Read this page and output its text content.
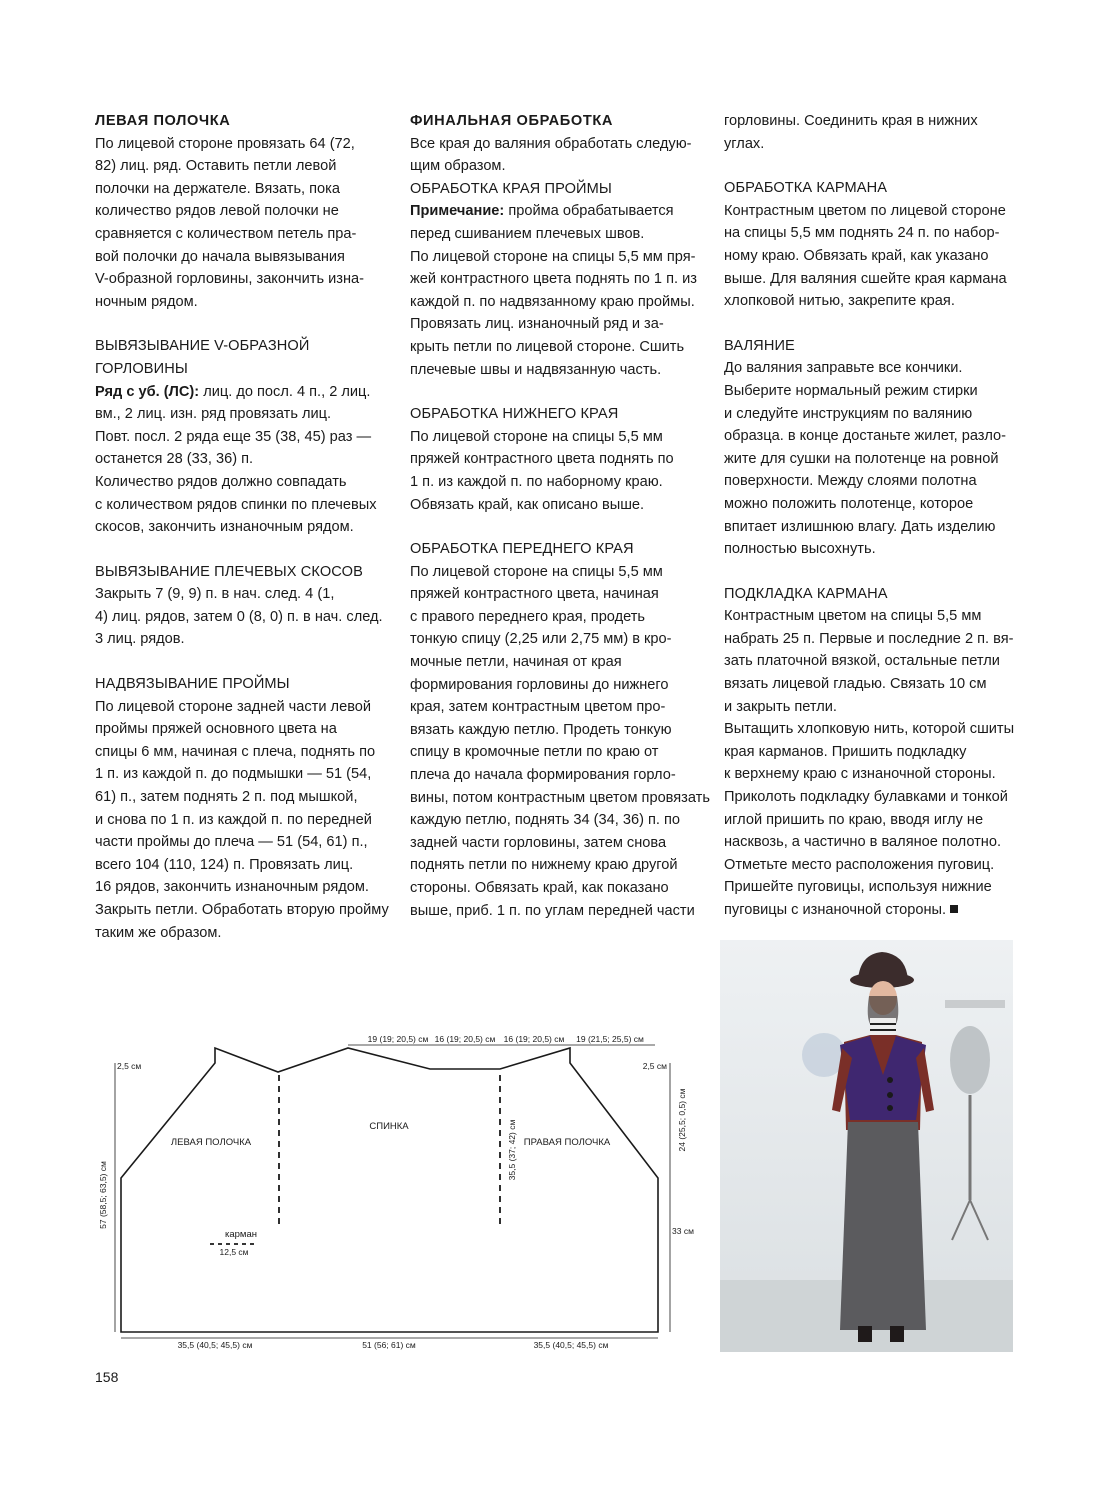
ЛЕВАЯ ПОЛОЧКА
По лицевой стороне провязать 64 (72,
82) лиц. ряд. Оставить петли левой
полочки на держателе. Вязать, пока
количество рядов левой полочки не
сравняется с количеством петель пра-
вой полочки до начала вывязывания
V-образной горловины, закончить изна-
ночным рядом.
ВЫВЯЗЫВАНИЕ V-ОБРАЗНОЙ ГОРЛОВИНЫ
Ряд с уб. (ЛС): лиц. до посл. 4 п., 2 лиц.
вм., 2 лиц. изн. ряд провязать лиц.
Повт. посл. 2 ряда еще 35 (38, 45) раз —
останется 28 (33, 36) п.
Количество рядов должно совпадать
с количеством рядов спинки по плечевых
скосов, закончить изнаночным рядом.
ВЫВЯЗЫВАНИЕ ПЛЕЧЕВЫХ СКОСОВ
Закрыть 7 (9, 9) п. в нач. след. 4 (1,
4) лиц. рядов, затем 0 (8, 0) п. в нач. след.
3 лиц. рядов.
НАДВЯЗЫВАНИЕ ПРОЙМЫ
По лицевой стороне задней части левой
проймы пряжей основного цвета на
спицы 6 мм, начиная с плеча, поднять по
1 п. из каждой п. до подмышки — 51 (54,
61) п., затем поднять 2 п. под мышкой,
и снова по 1 п. из каждой п. по передней
части проймы до плеча — 51 (54, 61) п.,
всего 104 (110, 124) п. Провязать лиц.
16 рядов, закончить изнаночным рядом.
Закрыть петли. Обработать вторую пройму
таким же образом.
ФИНАЛЬНАЯ ОБРАБОТКА
Все края до валяния обработать следую-
щим образом.
ОБРАБОТКА КРАЯ ПРОЙМЫ
Примечание: пройма обрабатывается
перед сшиванием плечевых швов.
По лицевой стороне на спицы 5,5 мм пря-
жей контрастного цвета поднять по 1 п. из
каждой п. по надвязанному краю проймы.
Провязать лиц. изнаночный ряд и за-
крыть петли по лицевой стороне. Сшить
плечевые швы и надвязанную часть.
ОБРАБОТКА НИЖНЕГО КРАЯ
По лицевой стороне на спицы 5,5 мм
пряжей контрастного цвета поднять по
1 п. из каждой п. по наборному краю.
Обвязать край, как описано выше.
ОБРАБОТКА ПЕРЕДНЕГО КРАЯ
По лицевой стороне на спицы 5,5 мм
пряжей контрастного цвета, начиная
с правого переднего края, продеть
тонкую спицу (2,25 или 2,75 мм) в кро-
мочные петли, начиная от края
формирования горловины до нижнего
края, затем контрастным цветом про-
вязать каждую петлю. Продеть тонкую
спицу в кромочные петли по краю от
плеча до начала формирования горло-
вины, потом контрастным цветом провязать
каждую петлю, поднять 34 (34, 36) п. по
задней части горловины, затем снова
поднять петли по нижнему краю другой
стороны. Обвязать край, как показано
выше, приб. 1 п. по углам передней части
горловины. Соединить края в нижних
углах.
ОБРАБОТКА КАРМАНА
Контрастным цветом по лицевой стороне
на спицы 5,5 мм поднять 24 п. по набор-
ному краю. Обвязать край, как указано
выше. Для валяния сшейте края кармана
хлопковой нитью, закрепите края.
ВАЛЯНИЕ
До валяния заправьте все кончики.
Выберите нормальный режим стирки
и следуйте инструкциям по валянию
образца. в конце достаньте жилет, разло-
жите для сушки на полотенце на ровной
поверхности. Между слоями полотна
можно положить полотенце, которое
впитает излишнюю влагу. Дать изделию
полностью высохнуть.
ПОДКЛАДКА КАРМАНА
Контрастным цветом на спицы 5,5 мм
набрать 25 п. Первые и последние 2 п. вя-
зать платочной вязкой, остальные петли
вязать лицевой гладью. Связать 10 см
и закрыть петли.
Вытащить хлопковую нить, которой сшиты
края карманов. Пришить подкладку
к верхнему краю с изнаночной стороны.
Приколоть подкладку булавками и тонкой
иглой пришить по краю, вводя иглу не
насквозь, а частично в валяное полотно.
Отметьте место расположения пуговиц.
Пришейте пуговицы, используя нижние
пуговицы с изнаночной стороны.
19 (19; 20,5) см 16 (19; 20,5) см 16 (19; 20,5) см 19 (21,5; 25,5) см
2,5 см	2,5 см
57 (58,5; 63,5) см
24 (25,5; 0,5) см
35,5 (37; 42) см
33 см
12,5 см
35,5 (40,5; 45,5) см	51 (56; 61) см	35,5 (40,5; 45,5) см
ЛЕВАЯ ПОЛОЧКА
СПИНКА
ПРАВАЯ ПОЛОЧКА
карман
158
